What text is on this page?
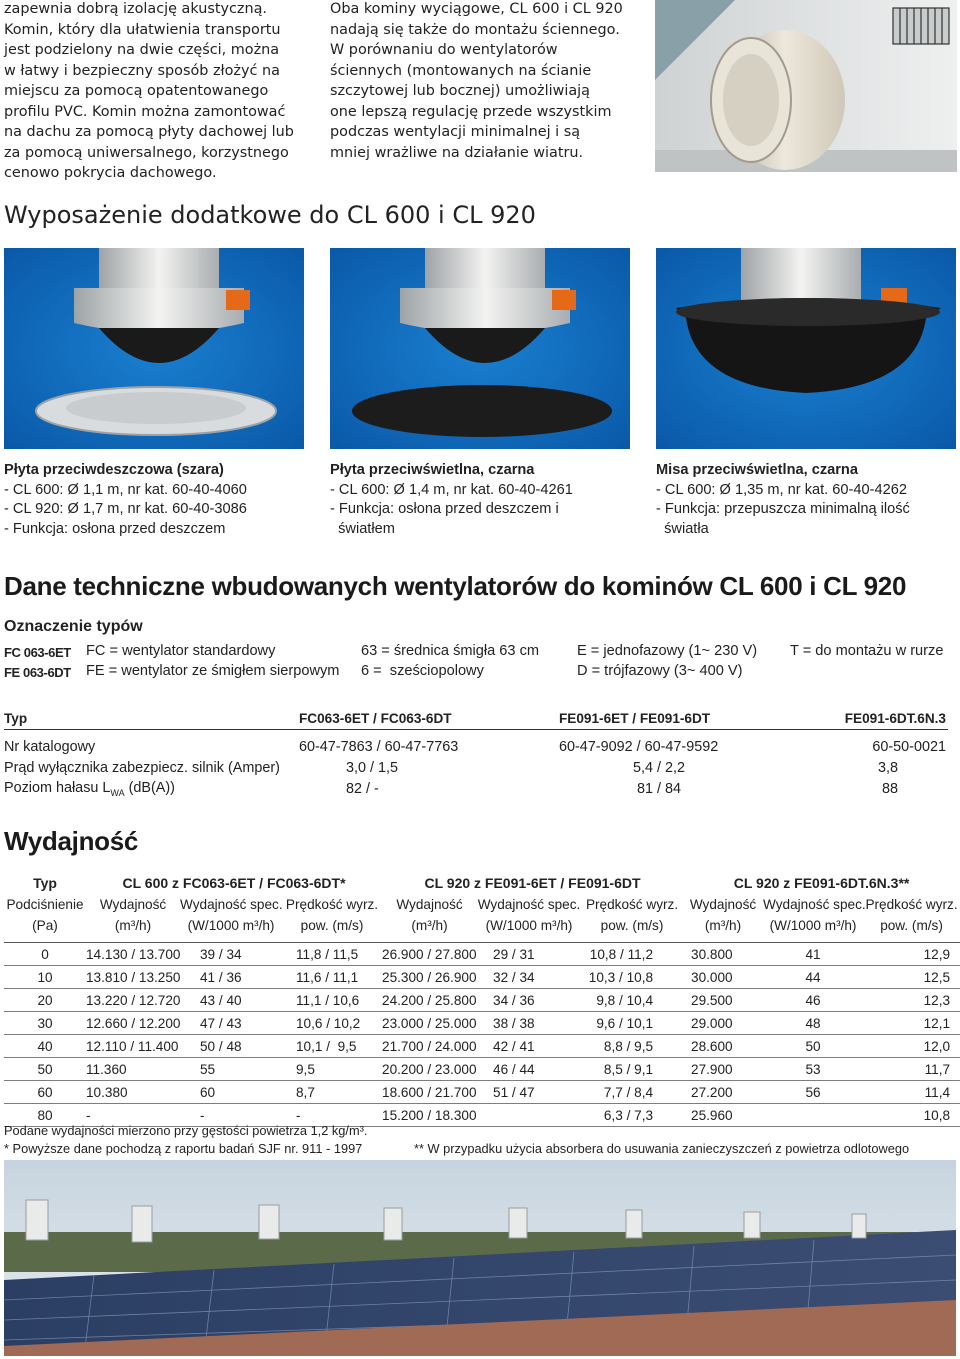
zapewnia dobrą izolację akustyczną.
Komin, który dla ułatwienia transportu
jest podzielony na dwie części, można
w łatwy i bezpieczny sposób złożyć na
miejscu za pomocą opatentowanego
profilu PVC. Komin można zamontować
na dachu za pomocą płyty dachowej lub
za pomocą uniwersalnego, korzystnego
cenowo pokrycia dachowego.
Oba kominy wyciągowe, CL 600 i CL 920
nadają się także do montażu ściennego.
W porównaniu do wentylatorów
ściennych (montowanych na ścianie
szczytowej lub bocznej) umożliwiają
one lepszą regulację przede wszystkim
podczas wentylacji minimalnej i są
mniej wrażliwe na działanie wiatru.
Wyposażenie dodatkowe do CL 600 i CL 920
Płyta przeciwdeszczowa (szara)
- CL 600: Ø 1,1 m, nr kat. 60-40-4060
- CL 920: Ø 1,7 m, nr kat. 60-40-3086
- Funkcja: osłona przed deszczem
Płyta przeciwświetlna, czarna
- CL 600: Ø 1,4 m, nr kat. 60-40-4261
- Funkcja: osłona przed deszczem i
światłem
Misa przeciwświetlna, czarna
- CL 600: Ø 1,35 m, nr kat. 60-40-4262
- Funkcja: przepuszcza minimalną ilość
światła
Dane techniczne wbudowanych wentylatorów do kominów CL 600 i CL 920
Oznaczenie typów
FC 063-6ET FC = wentylator standardowy	63 = średnica śmigła 63 cm	E = jednofazowy (1~ 230 V) T = do montażu w rurze
FE 063-6DT FE = wentylator ze śmigłem sierpowym 6 =  sześciopolowy	D = trójfazowy (3~ 400 V)
Typ	FC063-6ET / FC063-6DT	FE091-6ET / FE091-6DT	FE091-6DT.6N.3

Nr katalogowy	60-47-7863 / 60-47-7763	60-47-9092 / 60-47-9592	60-50-0021
Prąd wyłącznika zabezpiecz. silnik (Amper)	3,0 / 1,5	5,4 / 2,2	3,8
Poziom hałasu $L_{WA}$ (dB(A))	82 / -	81 / 84	88
Wydajność
Typ	CL 600 z FC063-6ET / FC063-6DT*			CL 920 z FE091-6ET / FE091-6DT			CL 920 z FE091-6DT.6N.3**		
Podciśnienie	Wydajność	Wydajność spec.	Prędkość wyrz.	Wydajność	Wydajność spec.	Prędkość wyrz.	Wydajność	Wydajność spec.	Prędkość wyrz.
(Pa)	(m³/h)	(W/1000 m³/h)	pow. (m/s)	(m³/h)	(W/1000 m³/h)	pow. (m/s)	(m³/h)	(W/1000 m³/h)	pow. (m/s)

0	14.130 / 13.700	39 / 34	11,8 / 11,5	26.900 / 27.800	29 / 31	10,8 / 11,2	30.800	41	12,9
10	13.810 / 13.250	41 / 36	11,6 / 11,1	25.300 / 26.900	32 / 34	10,3 / 10,8	30.000	44	12,5
20	13.220 / 12.720	43 / 40	11,1 / 10,6	24.200 / 25.800	34 / 36	9,8 / 10,4	29.500	46	12,3
30	12.660 / 12.200	47 / 43	10,6 / 10,2	23.000 / 25.000	38 / 38	9,6 / 10,1	29.000	48	12,1
40	12.110 / 11.400	50 / 48	10,1 /  9,5	21.700 / 24.000	42 / 41	8,8 / 9,5	28.600	50	12,0
50	11.360	55	9,5	20.200 / 23.000	46 / 44	8,5 / 9,1	27.900	53	11,7
60	10.380	60	8,7	18.600 / 21.700	51 / 47	7,7 / 8,4	27.200	56	11,4
80	-	-	-	15.200 / 18.300		6,3 / 7,3	25.960		10,8
Podane wydajności mierzono przy gęstości powietrza 1,2 kg/m³.
* Powyższe dane pochodzą z raportu badań SJF nr. 911 - 1997	** W przypadku użycia absorbera do usuwania zanieczyszczeń z powietrza odlotowego
